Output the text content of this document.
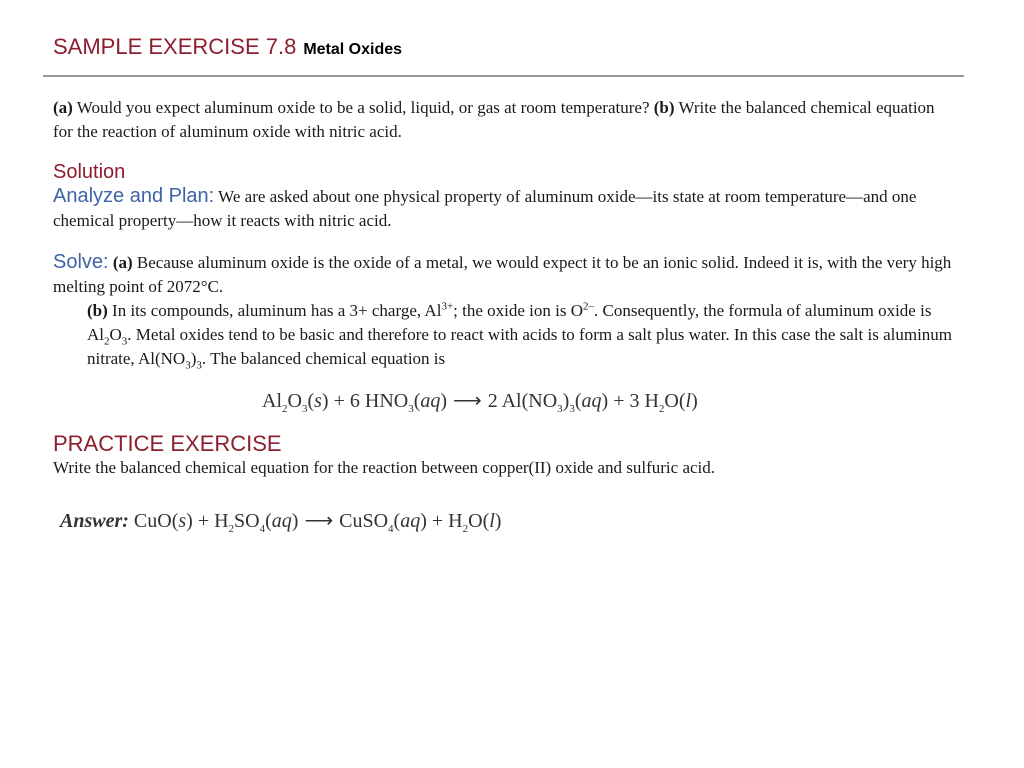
SAMPLE EXERCISE 7.8 Metal Oxides
(a) Would you expect aluminum oxide to be a solid, liquid, or gas at room temperature? (b) Write the balanced chemical equation for the reaction of aluminum oxide with nitric acid.
Solution
Analyze and Plan: We are asked about one physical property of aluminum oxide—its state at room temperature—and one chemical property—how it reacts with nitric acid.
Solve: (a) Because aluminum oxide is the oxide of a metal, we would expect it to be an ionic solid. Indeed it is, with the very high melting point of 2072°C.
(b) In its compounds, aluminum has a 3+ charge, $Al^{3+}$; the oxide ion is $O^{2-}$. Consequently, the formula of aluminum oxide is $Al_2O_3$. Metal oxides tend to be basic and therefore to react with acids to form a salt plus water. In this case the salt is aluminum nitrate, $Al(NO_3)_3$. The balanced chemical equation is
$Al_2O_3(s) + 6$ $HNO_3(aq)$ ⟶ 2 $Al(NO_3)_3(aq) + 3$ $H_2O(l)$
PRACTICE EXERCISE
Write the balanced chemical equation for the reaction between copper(II) oxide and sulfuric acid.
Answer: $CuO(s) + H_2SO_4(aq)$ ⟶ CuSO$_4$(aq) + $H_2O(l)$
